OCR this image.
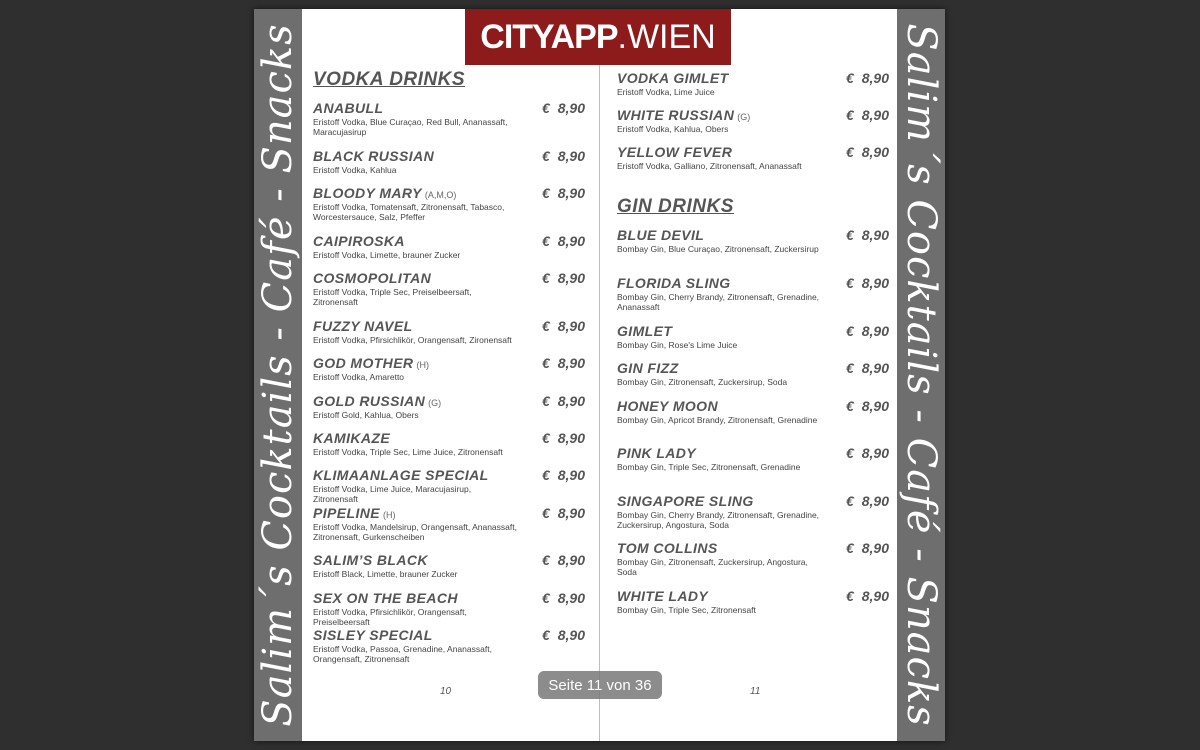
Salim´s Cocktails - Café - Snacks	Salim´s Cocktails - Café - Snacks
CITYAPP .WIEN
VODKA DRINKS
ANABULL
Eristoff Vodka, Blue Curaçao, Red Bull, Ananassaft, Maracujasirup
€ 8,90
BLACK RUSSIAN
Eristoff Vodka, Kahlua
€ 8,90
BLOODY MARY (A,M,O)
Eristoff Vodka, Tomatensaft, Zitronensaft, Tabasco, Worcestersauce, Salz, Pfeffer
€ 8,90
CAIPIROSKA
Eristoff Vodka, Limette, brauner Zucker
€ 8,90
COSMOPOLITAN
Eristoff Vodka, Triple Sec, Preiselbeersaft, Zitronensaft
€ 8,90
FUZZY NAVEL
Eristoff Vodka, Pfirsichlikör, Orangensaft, Zironensaft
€ 8,90
GOD MOTHER (H)
Eristoff Vodka, Amaretto
€ 8,90
GOLD RUSSIAN (G)
Eristoff Gold, Kahlua, Obers
€ 8,90
KAMIKAZE
Eristoff Vodka, Triple Sec, Lime Juice, Zitronensaft
€ 8,90
KLIMAANLAGE SPECIAL
Eristoff Vodka, Lime Juice, Maracujasirup, Zitronensaft
€ 8,90
PIPELINE (H)
Eristoff Vodka, Mandelsirup, Orangensaft, Ananassaft, Zitronensaft, Gurkenscheiben
€ 8,90
SALIM’S BLACK
Eristoff Black, Limette, brauner Zucker
€ 8,90
SEX ON THE BEACH
Eristoff Vodka, Pfirsichlikör, Orangensaft, Preiselbeersaft
€ 8,90
SISLEY SPECIAL
Eristoff Vodka, Passoa, Grenadine, Ananassaft, Orangensaft, Zitronensaft
€ 8,90
10
VODKA GIMLET
Eristoff Vodka, Lime Juice
€ 8,90
WHITE RUSSIAN (G)
Eristoff Vodka, Kahlua, Obers
€ 8,90
YELLOW FEVER
Eristoff Vodka, Galliano, Zitronensaft, Ananassaft
€ 8,90
GIN DRINKS
BLUE DEVIL
Bombay Gin, Blue Curaçao, Zitronensaft, Zuckersirup
€ 8,90
FLORIDA SLING
Bombay Gin, Cherry Brandy, Zitronensaft, Grenadine, Ananassaft
€ 8,90
GIMLET
Bombay Gin, Rose's Lime Juice
€ 8,90
GIN FIZZ
Bombay Gin, Zitronensaft, Zuckersirup, Soda
€ 8,90
HONEY MOON
Bombay Gin, Apricot Brandy, Zitronensaft, Grenadine
€ 8,90
PINK LADY
Bombay Gin, Triple Sec, Zitronensaft, Grenadine
€ 8,90
SINGAPORE SLING
Bombay Gin, Cherry Brandy, Zitronensaft, Grenadine, Zuckersirup, Angostura, Soda
€ 8,90
TOM COLLINS
Bombay Gin, Zitronensaft, Zuckersirup, Angostura, Soda
€ 8,90
WHITE LADY
Bombay Gin, Triple Sec, Zitronensaft
€ 8,90
11
Seite 11 von 36
